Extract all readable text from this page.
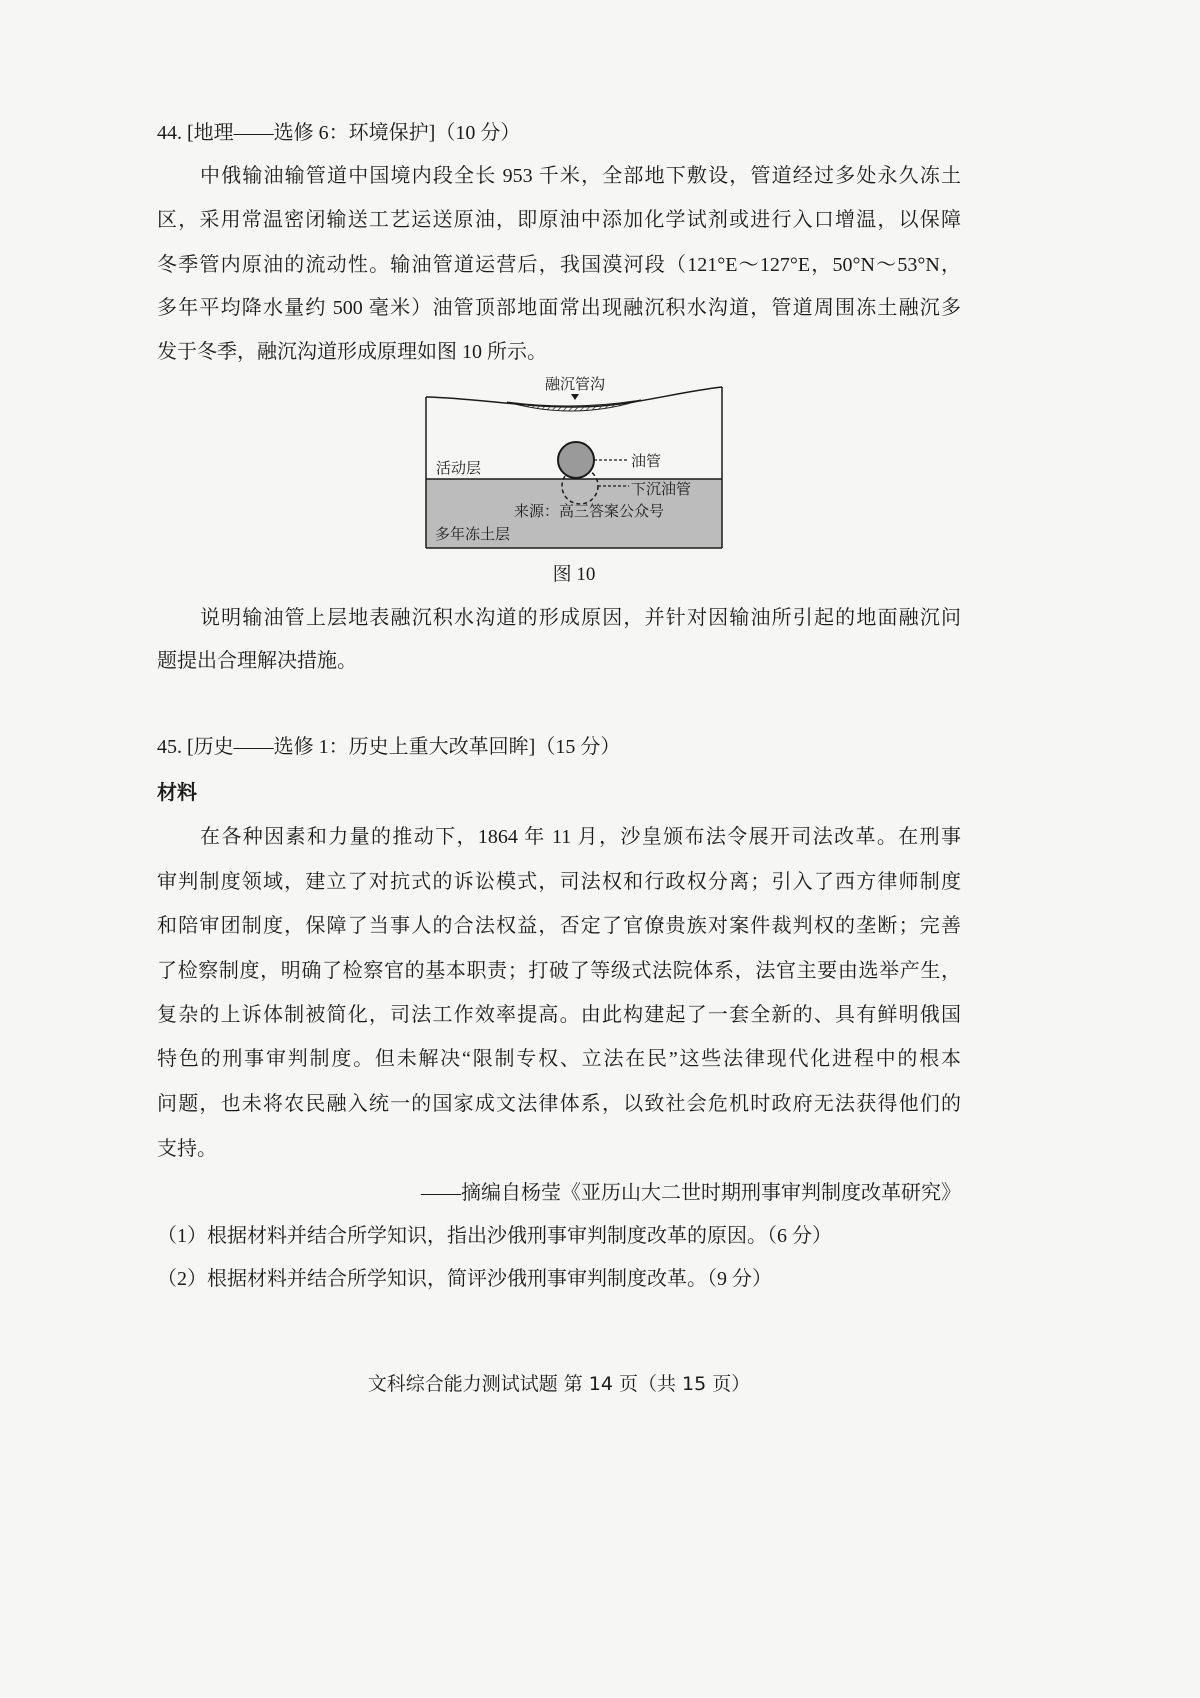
44. [地理——选修 6：环境保护]（10 分）
中俄输油输管道中国境内段全长 953 千米，全部地下敷设，管道经过多处永久冻土
区，采用常温密闭输送工艺运送原油，即原油中添加化学试剂或进行入口增温，以保障
冬季管内原油的流动性。输油管道运营后，我国漠河段（121°E～127°E，50°N～53°N，
多年平均降水量约 500 毫米）油管顶部地面常出现融沉积水沟道，管道周围冻土融沉多
发于冬季，融沉沟道形成原理如图 10 所示。
融沉管沟
活动层	油管
下沉油管
来源：高三答案公众号
多年冻土层
图 10
说明输油管上层地表融沉积水沟道的形成原因，并针对因输油所引起的地面融沉问
题提出合理解决措施。
45. [历史——选修 1：历史上重大改革回眸]（15 分）
材料
在各种因素和力量的推动下，1864 年 11 月，沙皇颁布法令展开司法改革。在刑事
审判制度领域，建立了对抗式的诉讼模式，司法权和行政权分离；引入了西方律师制度
和陪审团制度，保障了当事人的合法权益，否定了官僚贵族对案件裁判权的垄断；完善
了检察制度，明确了检察官的基本职责；打破了等级式法院体系，法官主要由选举产生，
复杂的上诉体制被简化，司法工作效率提高。由此构建起了一套全新的、具有鲜明俄国
特色的刑事审判制度。但未解决“限制专权、立法在民”这些法律现代化进程中的根本
问题，也未将农民融入统一的国家成文法律体系，以致社会危机时政府无法获得他们的
支持。
——摘编自杨莹《亚历山大二世时期刑事审判制度改革研究》
（1）根据材料并结合所学知识，指出沙俄刑事审判制度改革的原因。（6 分）
（2）根据材料并结合所学知识，简评沙俄刑事审判制度改革。（9 分）
文科综合能力测试试题 第 14 页（共 15 页）
